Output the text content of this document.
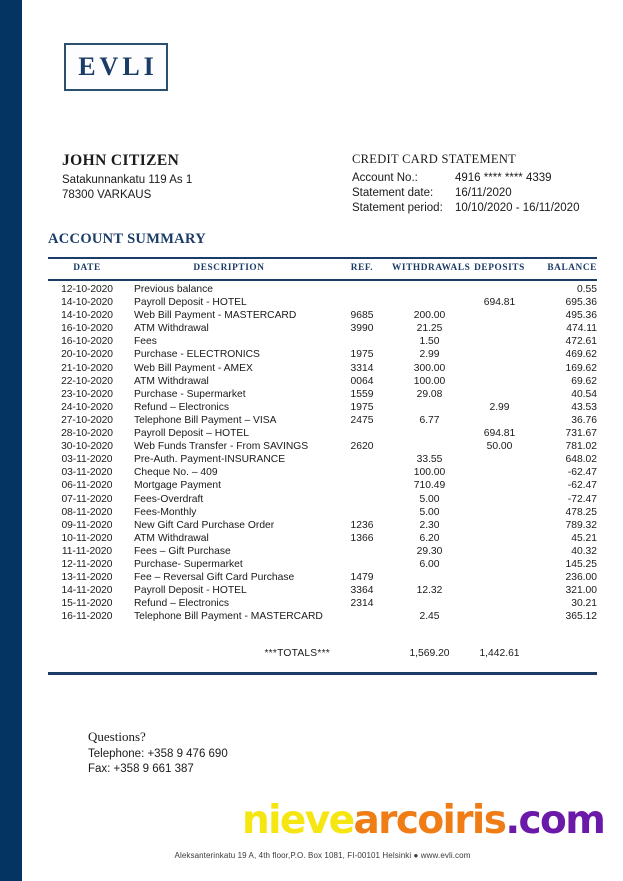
EVLI
JOHN CITIZEN
Satakunnankatu 119 As 1
78300 VARKAUS
CREDIT CARD STATEMENT
Account No.:	4916 **** **** 4339
Statement date: 16/11/2020
Statement period: 10/10/2020 - 16/11/2020
ACCOUNT SUMMARY
DATE	DESCRIPTION	REF.	WITHDRAWALS	DEPOSITS	BALANCE
12-10-2020	Previous balance				0.55
14-10-2020	Payroll Deposit - HOTEL			694.81	695.36
14-10-2020	Web Bill Payment - MASTERCARD	9685	200.00		495.36
16-10-2020	ATM Withdrawal	3990	21.25		474.11
16-10-2020	Fees		1.50		472.61
20-10-2020	Purchase - ELECTRONICS	1975	2.99		469.62
21-10-2020	Web Bill Payment - AMEX	3314	300.00		169.62
22-10-2020	ATM Withdrawal	0064	100.00		69.62
23-10-2020	Purchase - Supermarket	1559	29.08		40.54
24-10-2020	Refund – Electronics	1975		2.99	43.53
27-10-2020	Telephone Bill Payment – VISA	2475	6.77		36.76
28-10-2020	Payroll Deposit – HOTEL			694.81	731.67
30-10-2020	Web Funds Transfer - From SAVINGS	2620		50.00	781.02
03-11-2020	Pre-Auth. Payment-INSURANCE		33.55		648.02
03-11-2020	Cheque No. – 409		100.00		-62.47
06-11-2020	Mortgage Payment		710.49		-62.47
07-11-2020	Fees-Overdraft		5.00		-72.47
08-11-2020	Fees-Monthly		5.00		478.25
09-11-2020	New Gift Card Purchase Order	1236	2.30		789.32
10-11-2020	ATM Withdrawal	1366	6.20		45.21
11-11-2020	Fees – Gift Purchase		29.30		40.32
12-11-2020	Purchase- Supermarket		6.00		145.25
13-11-2020	Fee – Reversal Gift Card Purchase	1479			236.00
14-11-2020	Payroll Deposit - HOTEL	3364	12.32		321.00
15-11-2020	Refund – Electronics	2314			30.21
16-11-2020	Telephone Bill Payment - MASTERCARD		2.45		365.12

	***TOTALS***		1,569.20	1,442.61	
Questions?
Telephone: +358 9 476 690
Fax: +358 9 661 387
nievearcoiris.com
Aleksanterinkatu 19 A, 4th floor,P.O. Box 1081, FI-00101 Helsinki ● www.evli.com
